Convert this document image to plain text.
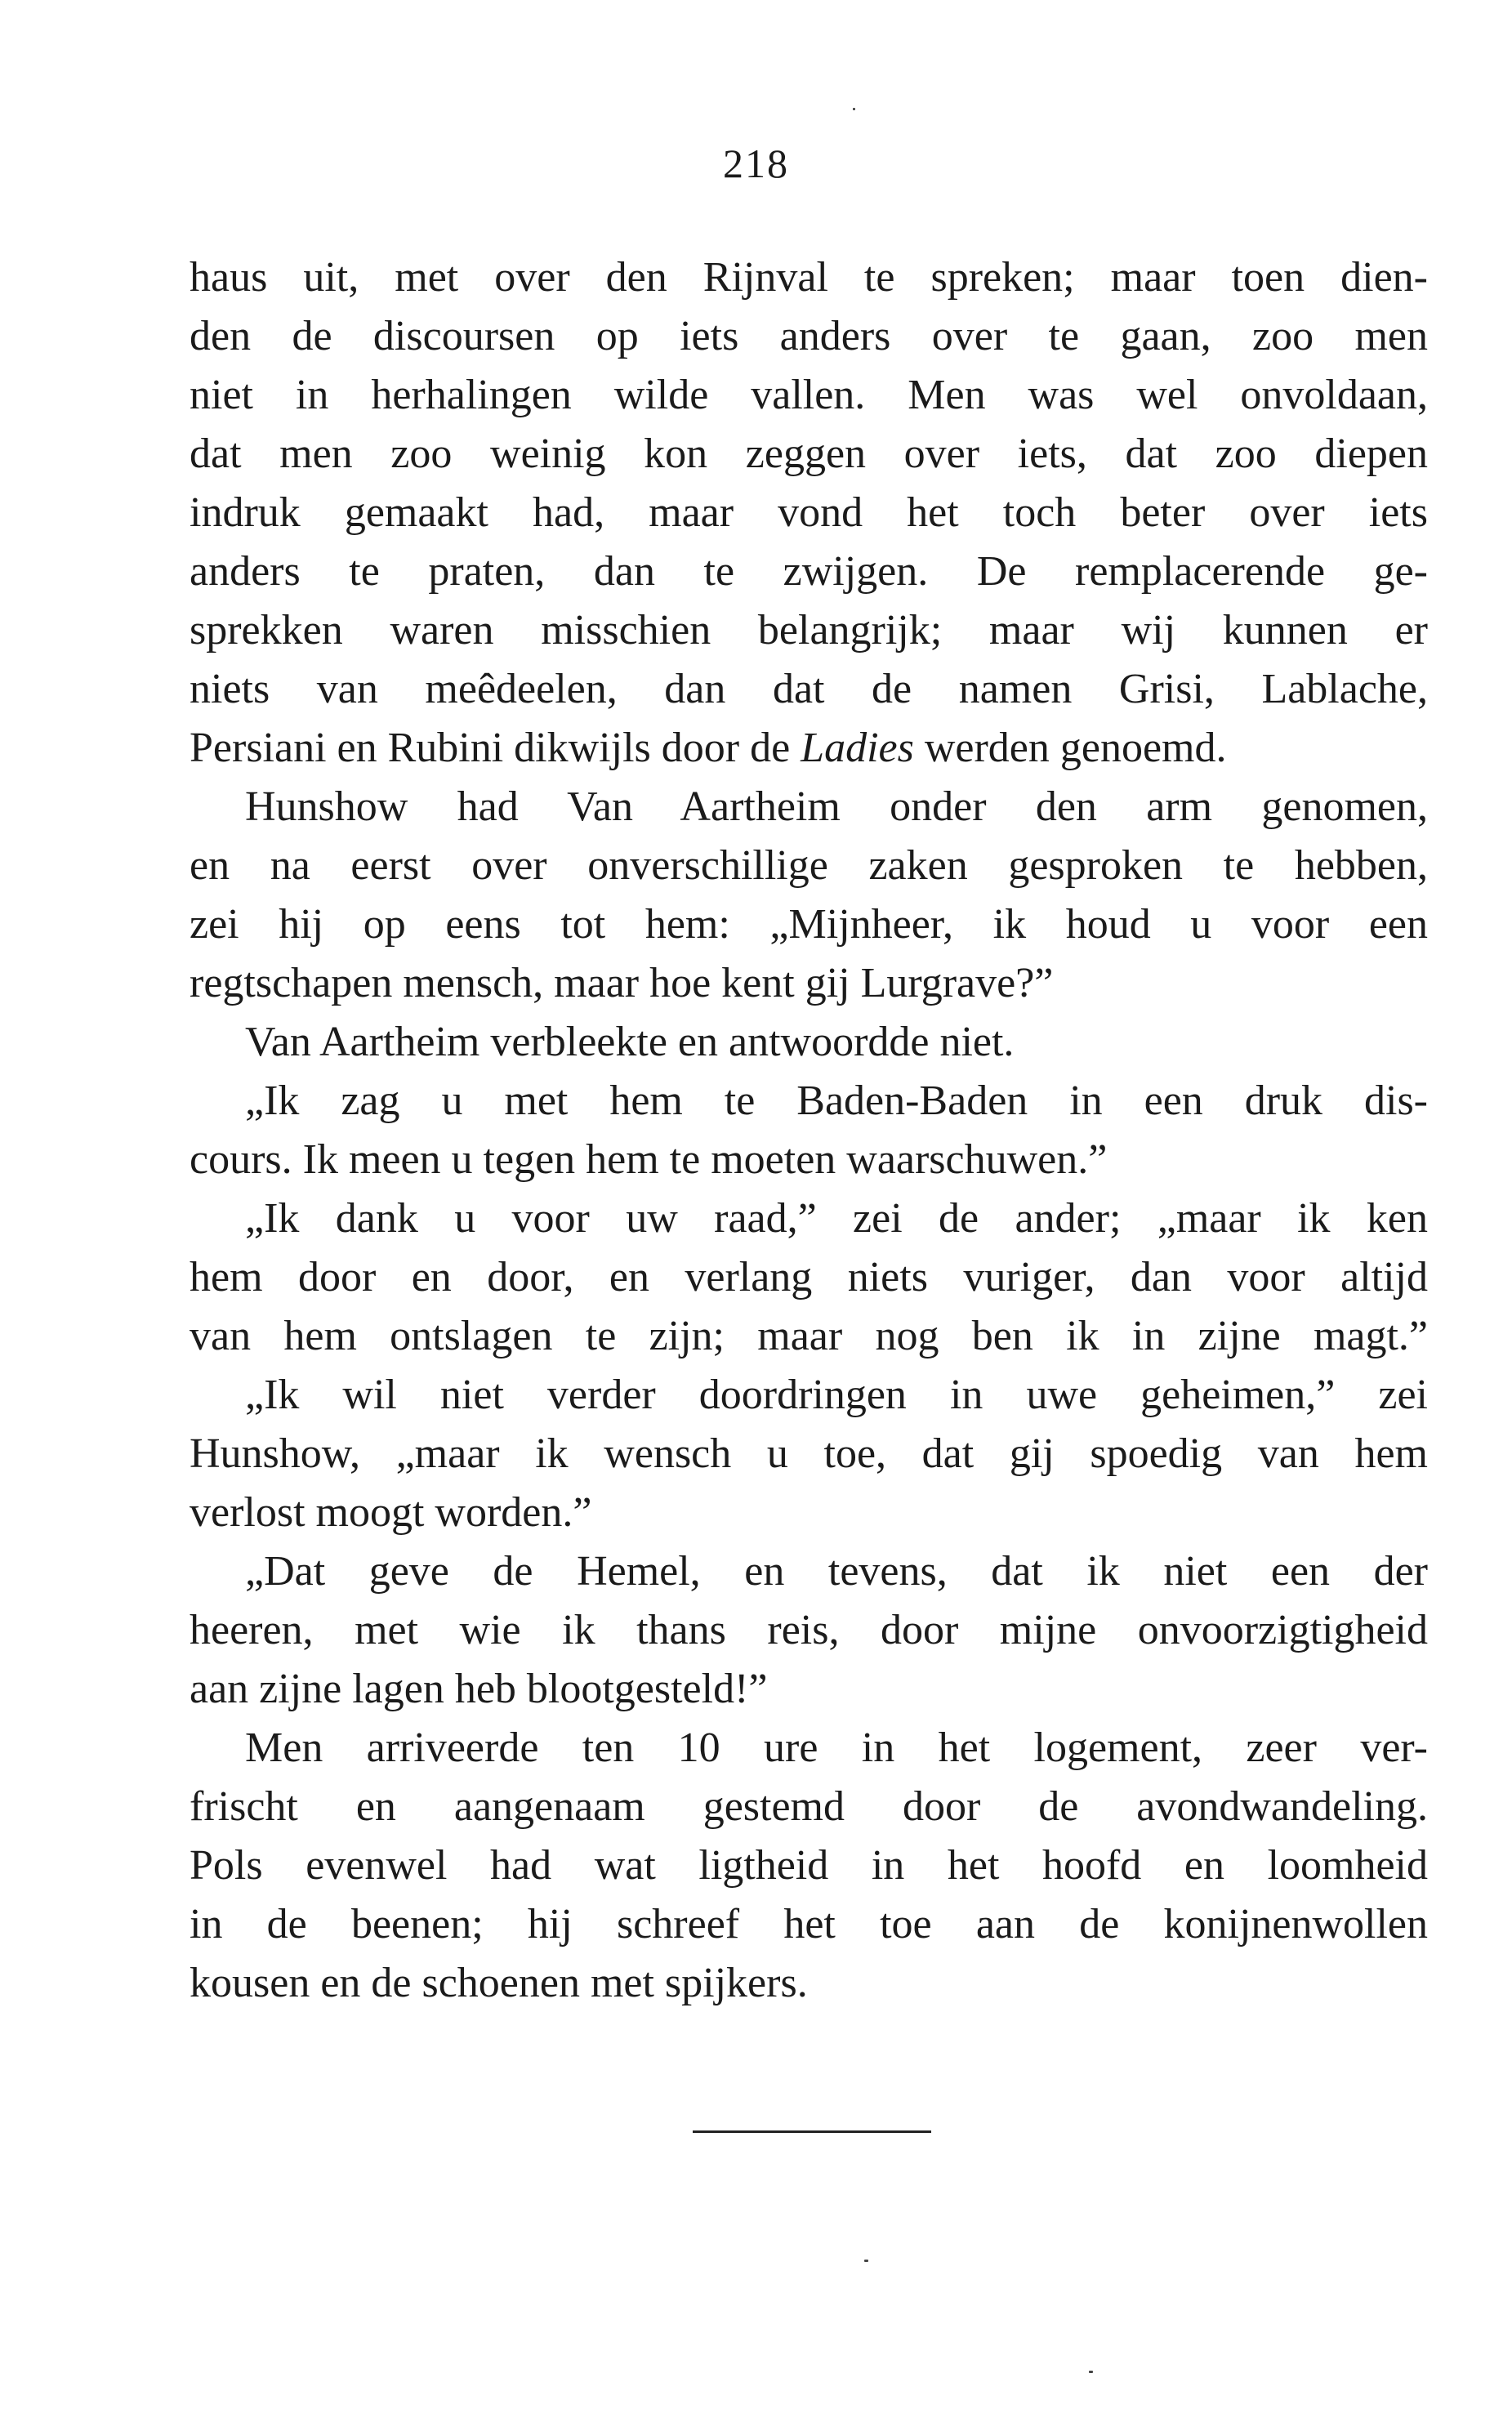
218
haus uit, met over den Rijnval te spreken; maar toen dien-
den de discoursen op iets anders over te gaan, zoo men
niet in herhalingen wilde vallen. Men was wel onvoldaan,
dat men zoo weinig kon zeggen over iets, dat zoo diepen
indruk gemaakt had, maar vond het toch beter over iets
anders te praten, dan te zwijgen. De remplacerende ge-
sprekken waren misschien belangrijk; maar wij kunnen er
niets van meêdeelen, dan dat de namen Grisi, Lablache,
Persiani en Rubini dikwijls door de Ladies werden genoemd.
Hunshow had Van Aartheim onder den arm genomen,
en na eerst over onverschillige zaken gesproken te hebben,
zei hij op eens tot hem: „Mijnheer, ik houd u voor een
regtschapen mensch, maar hoe kent gij Lurgrave?”
Van Aartheim verbleekte en antwoordde niet.
„Ik zag u met hem te Baden-Baden in een druk dis-
cours. Ik meen u tegen hem te moeten waarschuwen.”
„Ik dank u voor uw raad,” zei de ander; „maar ik ken
hem door en door, en verlang niets vuriger, dan voor altijd
van hem ontslagen te zijn; maar nog ben ik in zijne magt.”
„Ik wil niet verder doordringen in uwe geheimen,” zei
Hunshow, „maar ik wensch u toe, dat gij spoedig van hem
verlost moogt worden.”
„Dat geve de Hemel, en tevens, dat ik niet een der
heeren, met wie ik thans reis, door mijne onvoorzigtigheid
aan zijne lagen heb blootgesteld!”
Men arriveerde ten 10 ure in het logement, zeer ver-
frischt en aangenaam gestemd door de avondwandeling.
Pols evenwel had wat ligtheid in het hoofd en loomheid
in de beenen; hij schreef het toe aan de konijnenwollen
kousen en de schoenen met spijkers.
